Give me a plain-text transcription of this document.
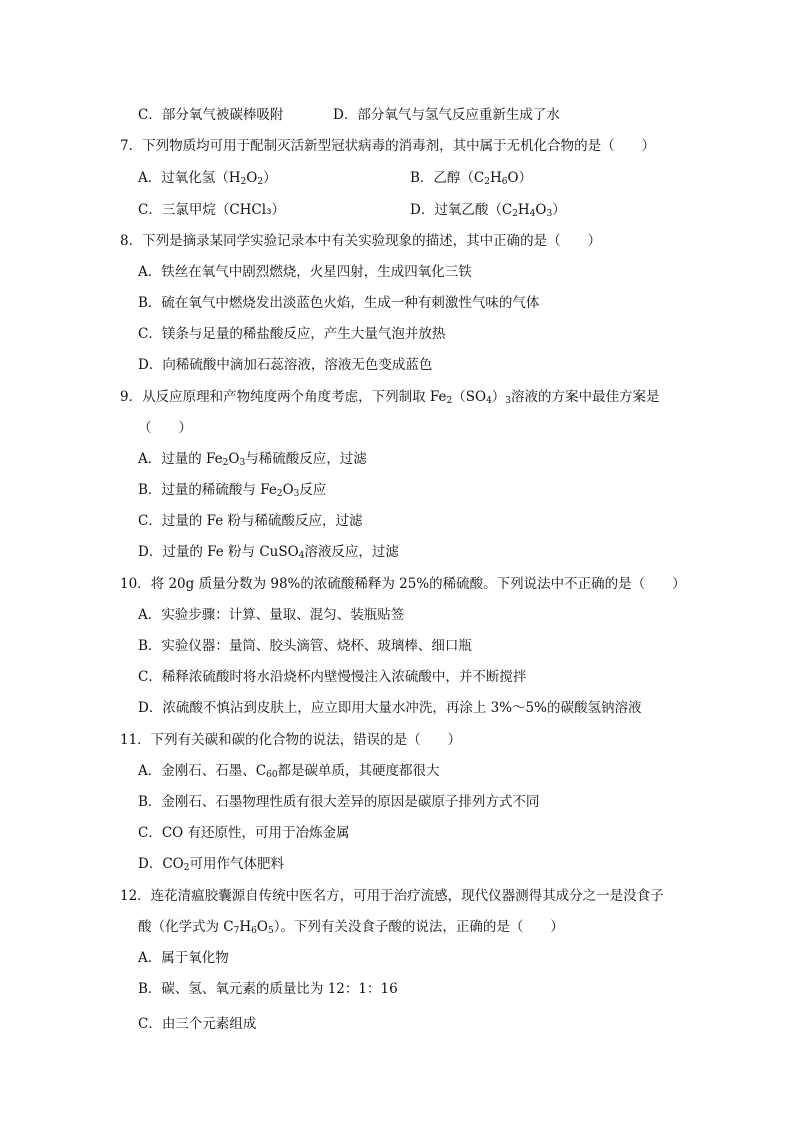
C．部分氧气被碳棒吸附	D．部分氧气与氢气反应重新生成了水
7．下列物质均可用于配制灭活新型冠状病毒的消毒剂，其中属于无机化合物的是（　　）
A．过氧化氢$(H_2O_2)$	B．乙醇$(C_2H_6O)$
C．三氯甲烷（CHCl₃）	D．过氧乙酸$(C_2H_4O_3)$
8．下列是摘录某同学实验记录本中有关实验现象的描述，其中正确的是（　　）
A．铁丝在氧气中剧烈燃烧，火星四射，生成四氧化三铁
B．硫在氧气中燃烧发出淡蓝色火焰，生成一种有刺激性气味的气体
C．镁条与足量的稀盐酸反应，产生大量气泡并放热
D．向稀硫酸中滴加石蕊溶液，溶液无色变成蓝色
9．从反应原理和产物纯度两个角度考虑，下列制取 $Fe_2(SO_4)_3$溶液的方案中最佳方案是
（　　）
A．过量的 $Fe_2O_3$与稀硫酸反应，过滤
B．过量的稀硫酸与 $Fe_2O_3$反应
C．过量的 Fe 粉与稀硫酸反应，过滤
D．过量的 Fe 粉与 CuSO$_4$溶液反应，过滤
10．将 20g 质量分数为 98%的浓硫酸稀释为 25%的稀硫酸。下列说法中不正确的是（　　）
A．实验步骤：计算、量取、混匀、装瓶贴签
B．实验仪器：量筒、胶头滴管、烧杯、玻璃棒、细口瓶
C．稀释浓硫酸时将水沿烧杯内壁慢慢注入浓硫酸中，并不断搅拌
D．浓硫酸不慎沾到皮肤上，应立即用大量水冲洗，再涂上 3%～5%的碳酸氢钠溶液
11．下列有关碳和碳的化合物的说法，错误的是（　　）
A．金刚石、石墨、$C_{60}$都是碳单质，其硬度都很大
B．金刚石、石墨物理性质有很大差异的原因是碳原子排列方式不同
C．CO 有还原性，可用于冶炼金属
D．$CO_2$可用作气体肥料
12．连花清瘟胶囊源自传统中医名方，可用于治疗流感，现代仪器测得其成分之一是没食子
酸（化学式为 $C_7H_6O_5$）。下列有关没食子酸的说法，正确的是（　　）
A．属于氧化物
B．碳、氢、氧元素的质量比为 12：1：16
C．由三个元素组成
